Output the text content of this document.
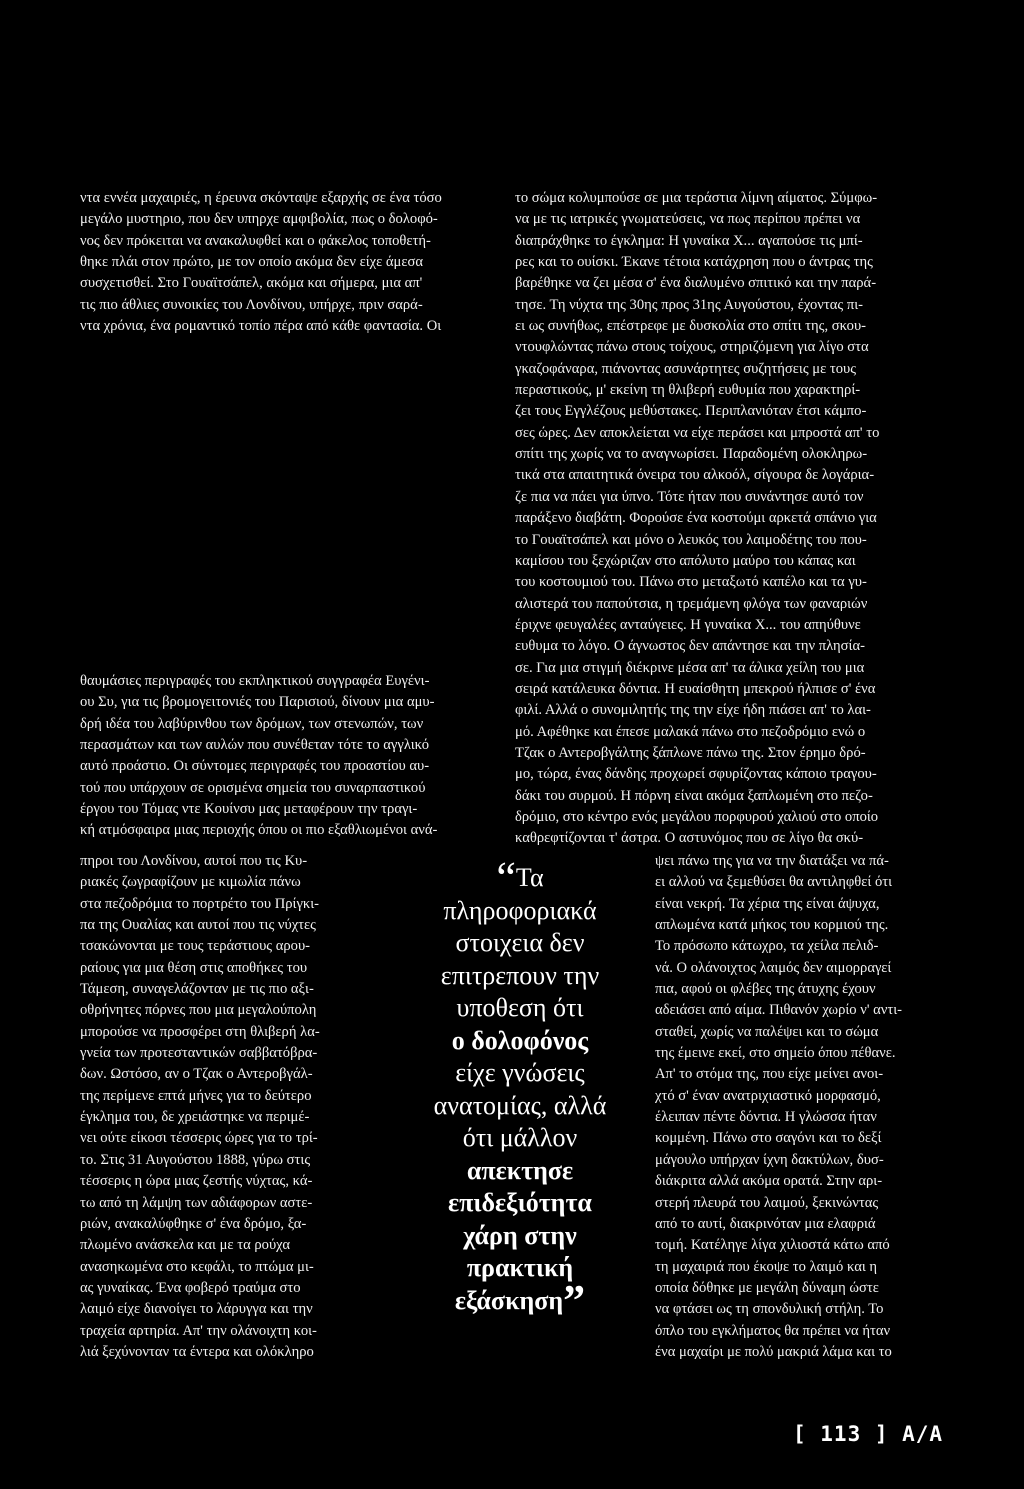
ντα εννέα μαχαιριές, η έρευνα σκόνταψε εξαρχής σε ένα τόσο
μεγάλο μυστηριο, που δεν υπηρχε αμφιβολία, πως ο δολοφό-
νος δεν πρόκειται να ανακαλυφθεί και ο φάκελος τοποθετή-
θηκε πλάι στον πρώτο, με τον οποίο ακόμα δεν είχε άμεσα
συσχετισθεί. Στο Γουαϊτσάπελ, ακόμα και σήμερα, μια απ'
τις πιο άθλιες συνοικίες του Λονδίνου, υπήρχε, πριν σαρά-
ντα χρόνια, ένα ρομαντικό τοπίο πέρα από κάθε φαντασία. Οι
θαυμάσιες περιγραφές του εκπληκτικού συγγραφέα Ευγένι-
ου Συ, για τις βρομογειτονιές του Παρισιού, δίνουν μια αμυ-
δρή ιδέα του λαβύρινθου των δρόμων, των στενωπών, των
περασμάτων και των αυλών που συνέθεταν τότε το αγγλικό
αυτό προάστιο. Οι σύντομες περιγραφές του προαστίου αυ-
τού που υπάρχουν σε ορισμένα σημεία του συναρπαστικού
έργου του Τόμας ντε Κουίνσυ μας μεταφέρουν την τραγι-
κή ατμόσφαιρα μιας περιοχής όπου οι πιο εξαθλιωμένοι ανά-
πηροι του Λονδίνου, αυτοί που τις Κυ-
ριακές ζωγραφίζουν με κιμωλία πάνω
στα πεζοδρόμια το πορτρέτο του Πρίγκι-
πα της Ουαλίας και αυτοί που τις νύχτες
τσακώνονται με τους τεράστιους αρου-
ραίους για μια θέση στις αποθήκες του
Τάμεση, συναγελάζονταν με τις πιο αξι-
οθρήνητες πόρνες που μια μεγαλούπολη
μπορούσε να προσφέρει στη θλιβερή λα-
γνεία των προτεσταντικών σαββατόβρα-
δων. Ωστόσο, αν ο Τζακ ο Αντεροβγάλ-
της περίμενε επτά μήνες για το δεύτερο
έγκλημα του, δε χρειάστηκε να περιμέ-
νει ούτε είκοσι τέσσερις ώρες για το τρί-
το. Στις 31 Αυγούστου 1888, γύρω στις
τέσσερις η ώρα μιας ζεστής νύχτας, κά-
τω από τη λάμψη των αδιάφορων αστε-
ριών, ανακαλύφθηκε σ' ένα δρόμο, ξα-
πλωμένο ανάσκελα και με τα ρούχα
ανασηκωμένα στο κεφάλι, το πτώμα μι-
ας γυναίκας. Ένα φοβερό τραύμα στο
λαιμό είχε διανοίγει το λάρυγγα και την
τραχεία αρτηρία. Απ' την ολάνοιχτη κοι-
λιά ξεχύνονταν τα έντερα και ολόκληρο
το σώμα κολυμπούσε σε μια τεράστια λίμνη αίματος. Σύμφω-
να με τις ιατρικές γνωματεύσεις, να πως περίπου πρέπει να
διαπράχθηκε το έγκλημα: Η γυναίκα Χ... αγαπούσε τις μπί-
ρες και το ουίσκι. Έκανε τέτοια κατάχρηση που ο άντρας της
βαρέθηκε να ζει μέσα σ' ένα διαλυμένο σπιτικό και την παρά-
τησε. Τη νύχτα της 30ης προς 31ης Αυγούστου, έχοντας πι-
ει ως συνήθως, επέστρεφε με δυσκολία στο σπίτι της, σκου-
ντουφλώντας πάνω στους τοίχους, στηριζόμενη για λίγο στα
γκαζοφάναρα, πιάνοντας ασυνάρτητες συζητήσεις με τους
περαστικούς, μ' εκείνη τη θλιβερή ευθυμία που χαρακτηρί-
ζει τους Εγγλέζους μεθύστακες. Περιπλανιόταν έτσι κάμπο-
σες ώρες. Δεν αποκλείεται να είχε περάσει και μπροστά απ' το
σπίτι της χωρίς να το αναγνωρίσει. Παραδομένη ολοκληρω-
τικά στα απαιτητικά όνειρα του αλκοόλ, σίγουρα δε λογάρια-
ζε πια να πάει για ύπνο. Τότε ήταν που συνάντησε αυτό τον
παράξενο διαβάτη. Φορούσε ένα κοστούμι αρκετά σπάνιο για
το Γουαϊτσάπελ και μόνο ο λευκός του λαιμοδέτης του που-
καμίσου του ξεχώριζαν στο απόλυτο μαύρο του κάπας και
του κοστουμιού του. Πάνω στο μεταξωτό καπέλο και τα γυ-
αλιστερά του παπούτσια, η τρεμάμενη φλόγα των φαναριών
έριχνε φευγαλέες ανταύγειες. Η γυναίκα Χ... του απηύθυνε
ευθυμα το λόγο. Ο άγνωστος δεν απάντησε και την πλησία-
σε. Για μια στιγμή διέκρινε μέσα απ' τα άλικα χείλη του μια
σειρά κατάλευκα δόντια. Η ευαίσθητη μπεκρού ήλπισε σ' ένα
φιλί. Αλλά ο συνομιλητής της την είχε ήδη πιάσει απ' το λαι-
μό. Αφέθηκε και έπεσε μαλακά πάνω στο πεζοδρόμιο ενώ ο
Τζακ ο Αντεροβγάλτης ξάπλωνε πάνω της. Στον έρημο δρό-
μο, τώρα, ένας δάνδης προχωρεί σφυρίζοντας κάποιο τραγου-
δάκι του συρμού. Η πόρνη είναι ακόμα ξαπλωμένη στο πεζο-
δρόμιο, στο κέντρο ενός μεγάλου πορφυρού χαλιού στο οποίο
καθρεφτίζονται τ' άστρα. Ο αστυνόμος που σε λίγο θα σκύ-
ψει πάνω της για να την διατάξει να πά-
ει αλλού να ξεμεθύσει θα αντιληφθεί ότι
είναι νεκρή. Τα χέρια της είναι άψυχα,
απλωμένα κατά μήκος του κορμιού της.
Το πρόσωπο κάτωχρο, τα χείλα πελιδ-
νά. Ο ολάνοιχτος λαιμός δεν αιμορραγεί
πια, αφού οι φλέβες της άτυχης έχουν
αδειάσει από αίμα. Πιθανόν χωρίο ν' αντι-
σταθεί, χωρίς να παλέψει και το σώμα
της έμεινε εκεί, στο σημείο όπου πέθανε.
Απ' το στόμα της, που είχε μείνει ανοι-
χτό σ' έναν ανατριχιαστικό μορφασμό,
έλειπαν πέντε δόντια. Η γλώσσα ήταν
κομμένη. Πάνω στο σαγόνι και το δεξί
μάγουλο υπήρχαν ίχνη δακτύλων, δυσ-
διάκριτα αλλά ακόμα ορατά. Στην αρι-
στερή πλευρά του λαιμού, ξεκινώντας
από το αυτί, διακρινόταν μια ελαφριά
τομή. Κατέληγε λίγα χιλιοστά κάτω από
τη μαχαιριά που έκοψε το λαιμό και η
οποία δόθηκε με μεγάλη δύναμη ώστε
να φτάσει ως τη σπονδυλική στήλη. Το
όπλο του εγκλήματος θα πρέπει να ήταν
ένα μαχαίρι με πολύ μακριά λάμα και το
“Τα
πληροφοριακά
στοιχεια δεν
επιτρεπουν την
υποθεση ότι
ο δολοφόνος
είχε γνώσεις
ανατομίας, αλλά
ότι μάλλον
απεκτησε
επιδεξιότητα
χάρη στην
πρακτική
εξάσκηση”
[ 113 ] Α/Α
